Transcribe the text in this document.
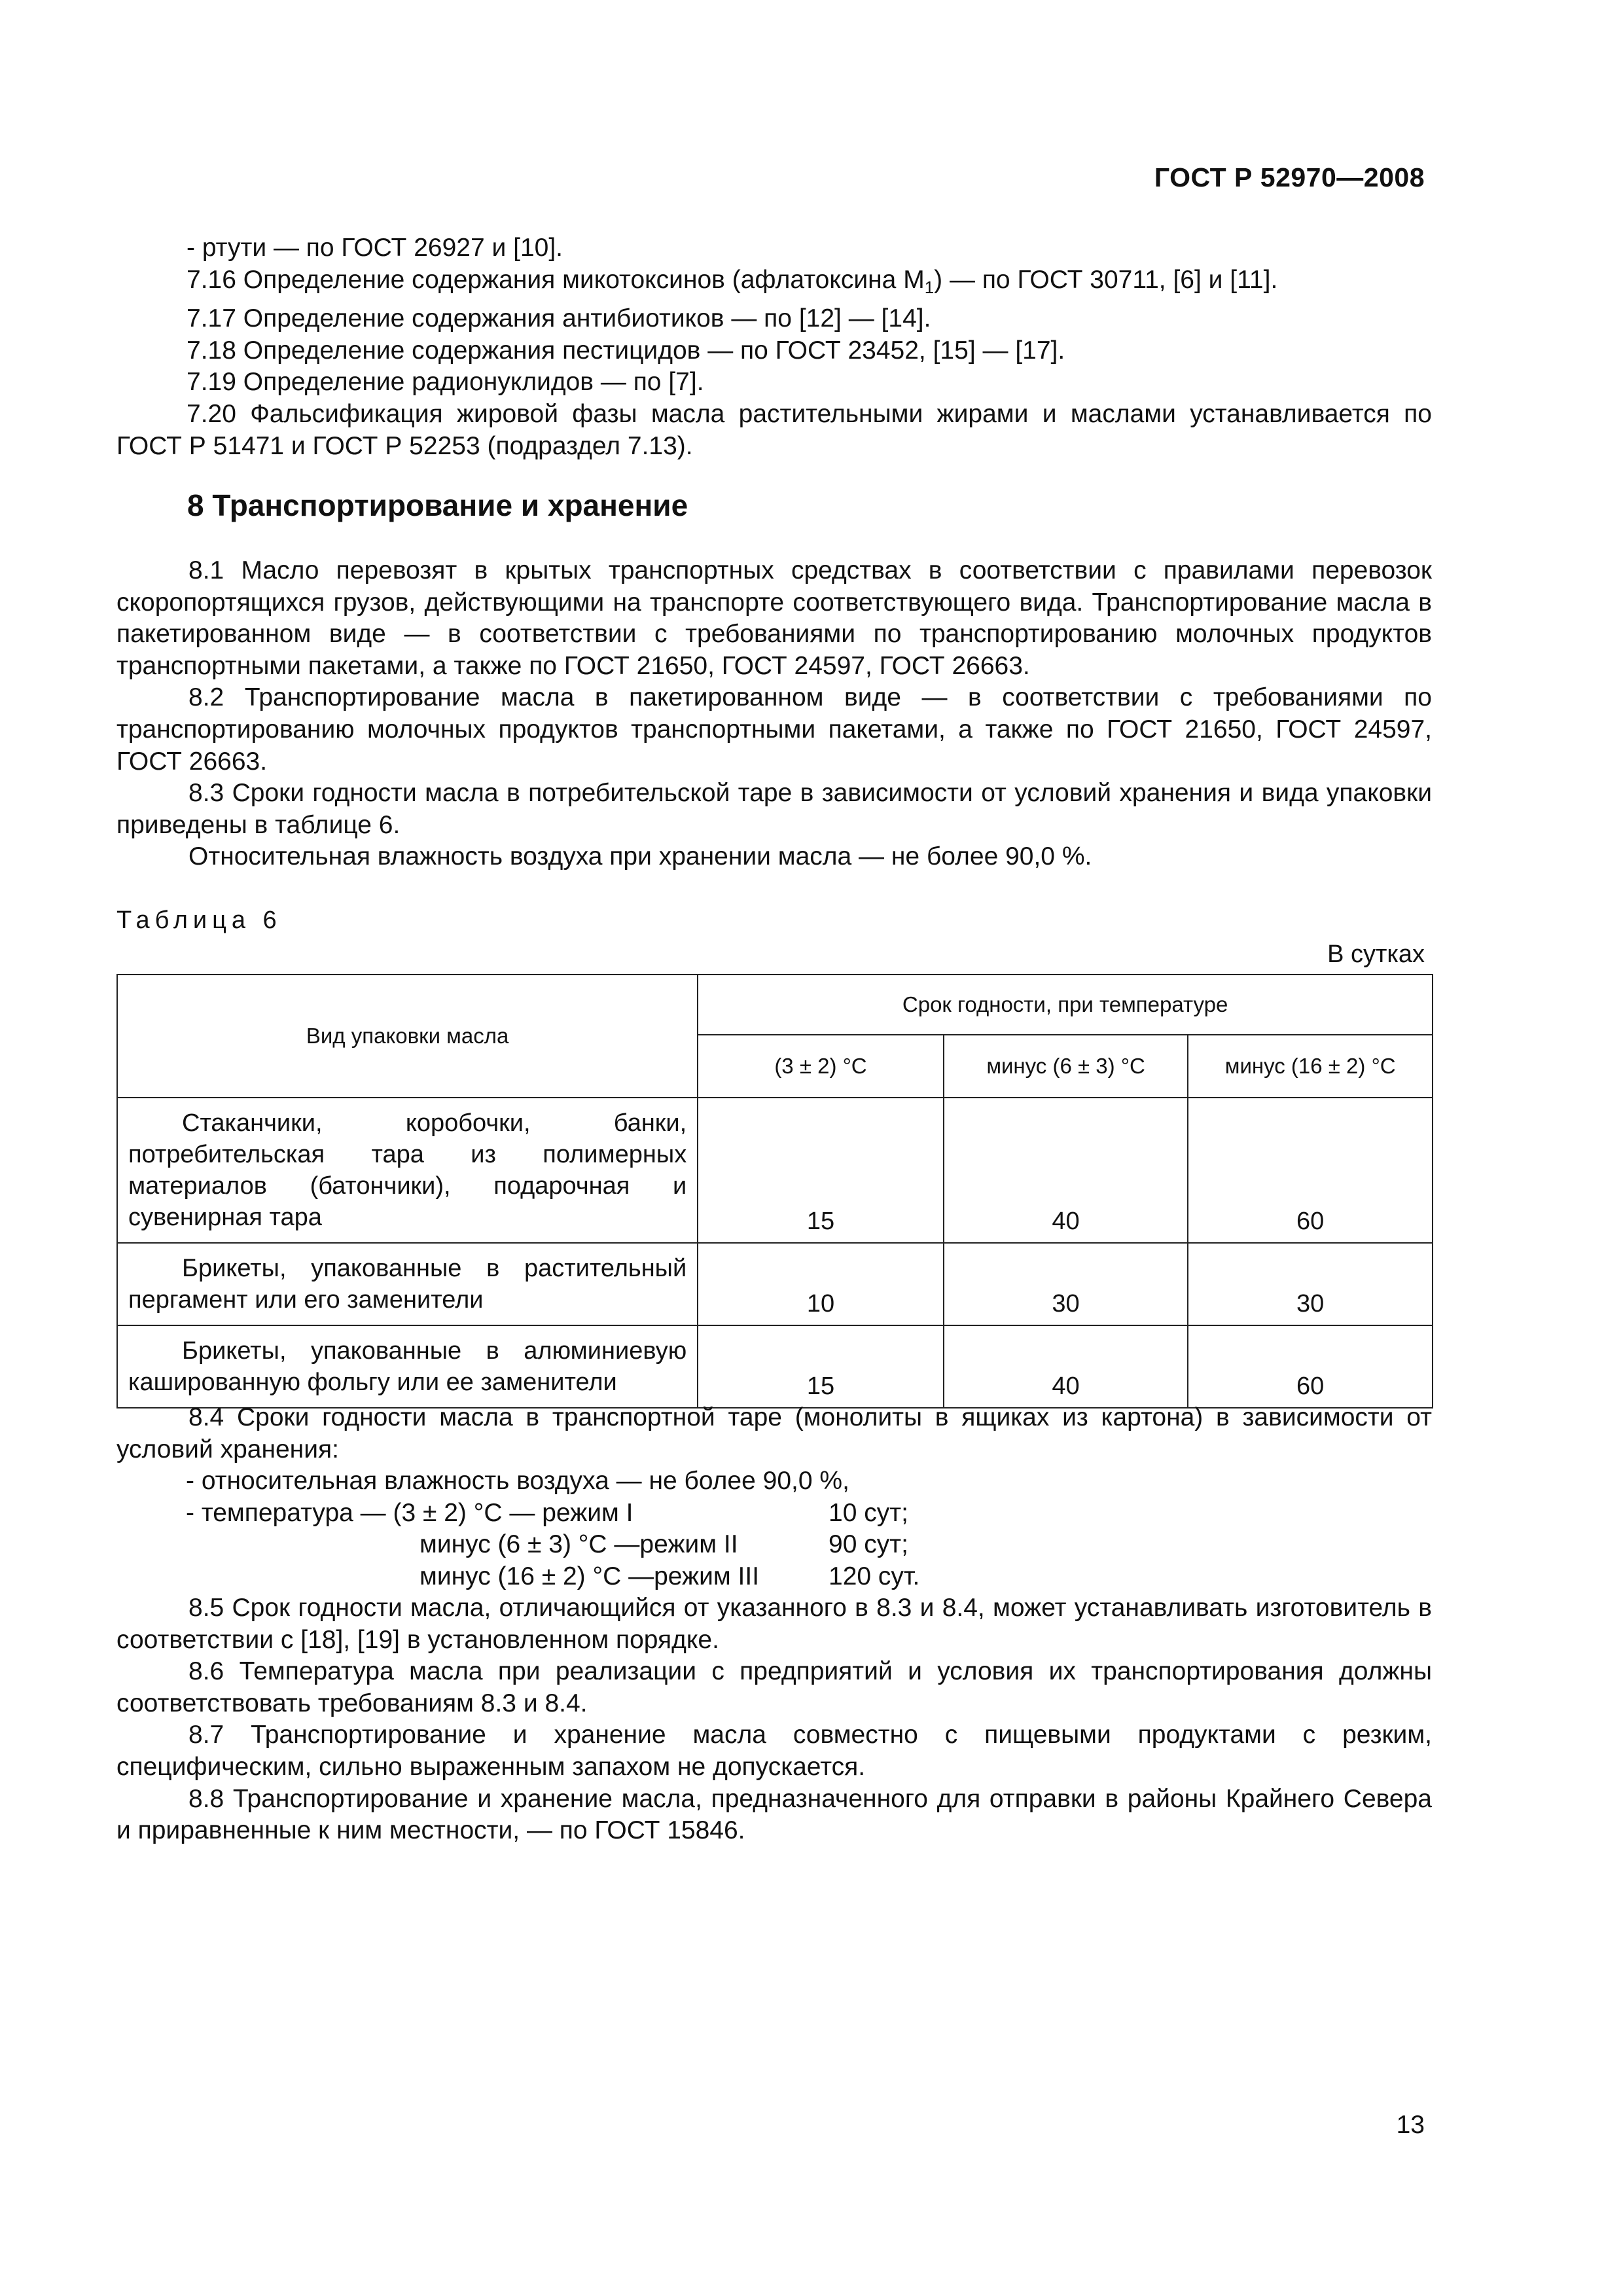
ГОСТ Р 52970—2008

- ртути — по ГОСТ 26927 и [10].

7.16 Определение содержания микотоксинов (афлатоксина $M_1$) — по ГОСТ 30711, [6] и [11].

7.17 Определение содержания антибиотиков — по [12] — [14].

7.18 Определение содержания пестицидов — по ГОСТ 23452, [15] — [17].

7.19 Определение радионуклидов — по [7].

7.20 Фальсификация жировой фазы масла растительными жирами и маслами устанавливается по ГОСТ Р 51471 и ГОСТ Р 52253 (подраздел 7.13).

8 Транспортирование и хранение

8.1 Масло перевозят в крытых транспортных средствах в соответствии с правилами перевозок скоропортящихся грузов, действующими на транспорте соответствующего вида. Транспортирование масла в пакетированном виде — в соответствии с требованиями по транспортированию молочных продуктов транспортными пакетами, а также по ГОСТ 21650, ГОСТ 24597, ГОСТ 26663.

8.2 Транспортирование масла в пакетированном виде — в соответствии с требованиями по транспортированию молочных продуктов транспортными пакетами, а также по ГОСТ 21650, ГОСТ 24597, ГОСТ 26663.

8.3 Сроки годности масла в потребительской таре в зависимости от условий хранения и вида упаковки приведены в таблице 6.

Относительная влажность воздуха при хранении масла — не более 90,0 %.

Таблица 6
В сутках
Вид упаковки масла	Срок годности, при температуре		
	(3 ± 2) °C	минус (6 ± 3) °C	минус (16 ± 2) °C
Стаканчики, коробочки, банки, потребительская тара из полимерных материалов (батончики), подарочная и сувенирная тара	15	40	60
Брикеты, упакованные в растительный пергамент или его заменители	10	30	30
Брикеты, упакованные в алюминиевую кашированную фольгу или ее заменители	15	40	60

8.4 Сроки годности масла в транспортной таре (монолиты в ящиках из картона) в зависимости от условий хранения:

- относительная влажность воздуха — не более 90,0 %,
- температура — (3 ± 2) °C — режим I	10 сут;
минус (6 ± 3) °C —режим II	90 сут;
минус (16 ± 2) °C —режим III	120 сут.

8.5 Срок годности масла, отличающийся от указанного в 8.3 и 8.4, может устанавливать изготовитель в соответствии с [18], [19] в установленном порядке.

8.6 Температура масла при реализации с предприятий и условия их транспортирования должны соответствовать требованиям 8.3 и 8.4.

8.7 Транспортирование и хранение масла совместно с пищевыми продуктами с резким, специфическим, сильно выраженным запахом не допускается.

8.8 Транспортирование и хранение масла, предназначенного для отправки в районы Крайнего Севера и приравненные к ним местности, — по ГОСТ 15846.

13
